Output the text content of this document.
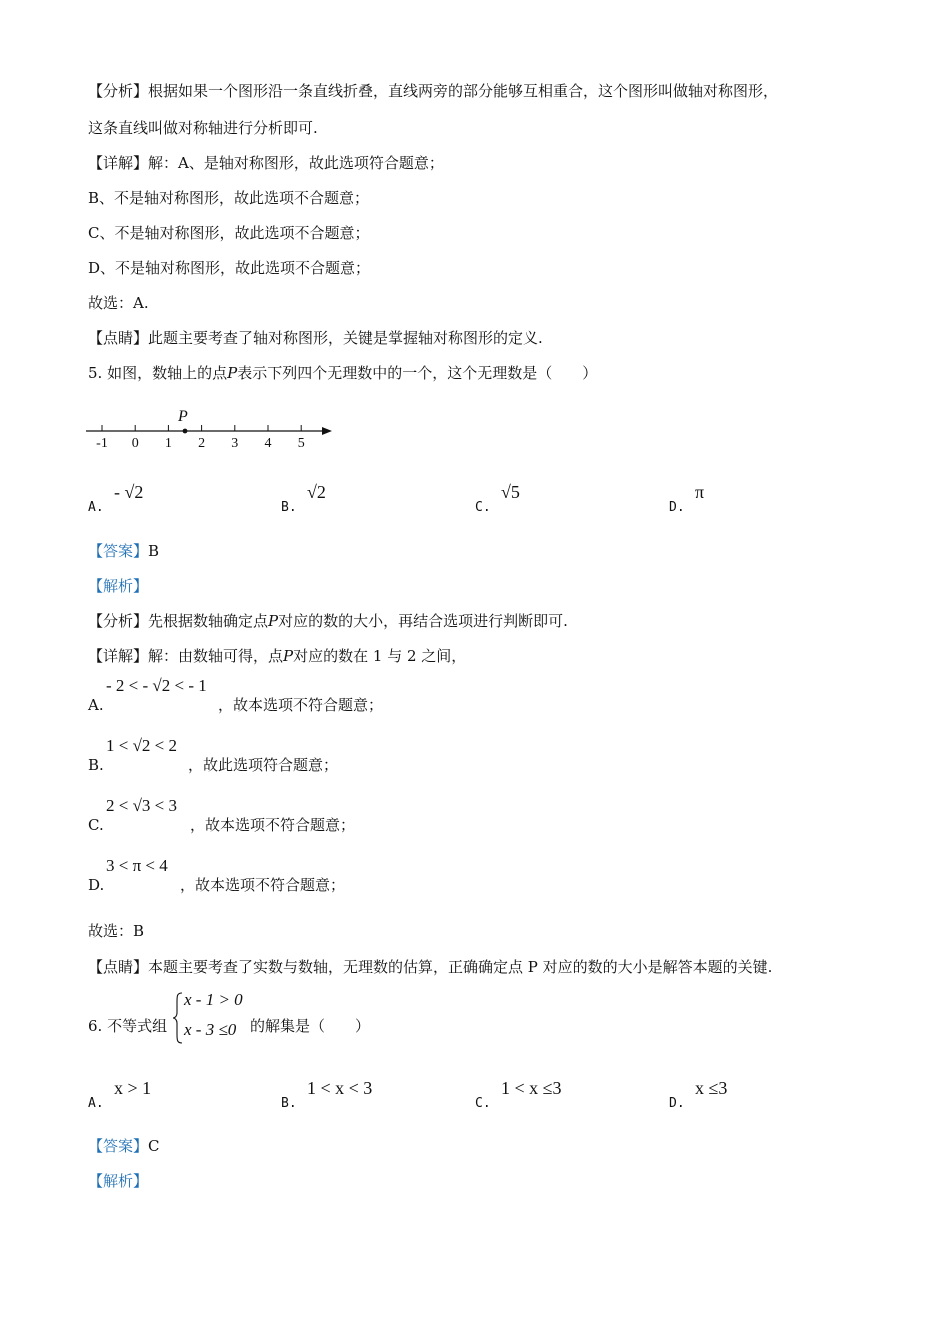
【分析】根据如果一个图形沿一条直线折叠，直线两旁的部分能够互相重合，这个图形叫做轴对称图形，
这条直线叫做对称轴进行分析即可.
【详解】解：A、是轴对称图形，故此选项符合题意；
B、不是轴对称图形，故此选项不合题意；
C、不是轴对称图形，故此选项不合题意；
D、不是轴对称图形，故此选项不合题意；
故选：A.
【点睛】此题主要考查了轴对称图形，关键是掌握轴对称图形的定义.
5. 如图，数轴上的点P表示下列四个无理数中的一个，这个无理数是（　　）
-1 0 1 2 3 4 5
P
A.
- √2
B.
√2
C.
√5
D.
π
【答案】B
【解析】
【分析】先根据数轴确定点P对应的数的大小，再结合选项进行判断即可.
【详解】解：由数轴可得，点P对应的数在 1 与 2 之间，
A.
- 2 < - √2 < - 1
，故本选项不符合题意；
B.
1 < √2 < 2
，故此选项符合题意；
C.
2 < √3 < 3
，故本选项不符合题意；
D.
3 < π < 4
，故本选项不符合题意；
故选：B
【点睛】本题主要考查了实数与数轴，无理数的估算，正确确定点 P 对应的数的大小是解答本题的关键.
6. 不等式组
x - 1 > 0
x - 3 ≤0 的解集是（　　）
A.
x > 1
B.
1 < x < 3
C.
1 < x ≤3
D.
x ≤3
【答案】C
【解析】
